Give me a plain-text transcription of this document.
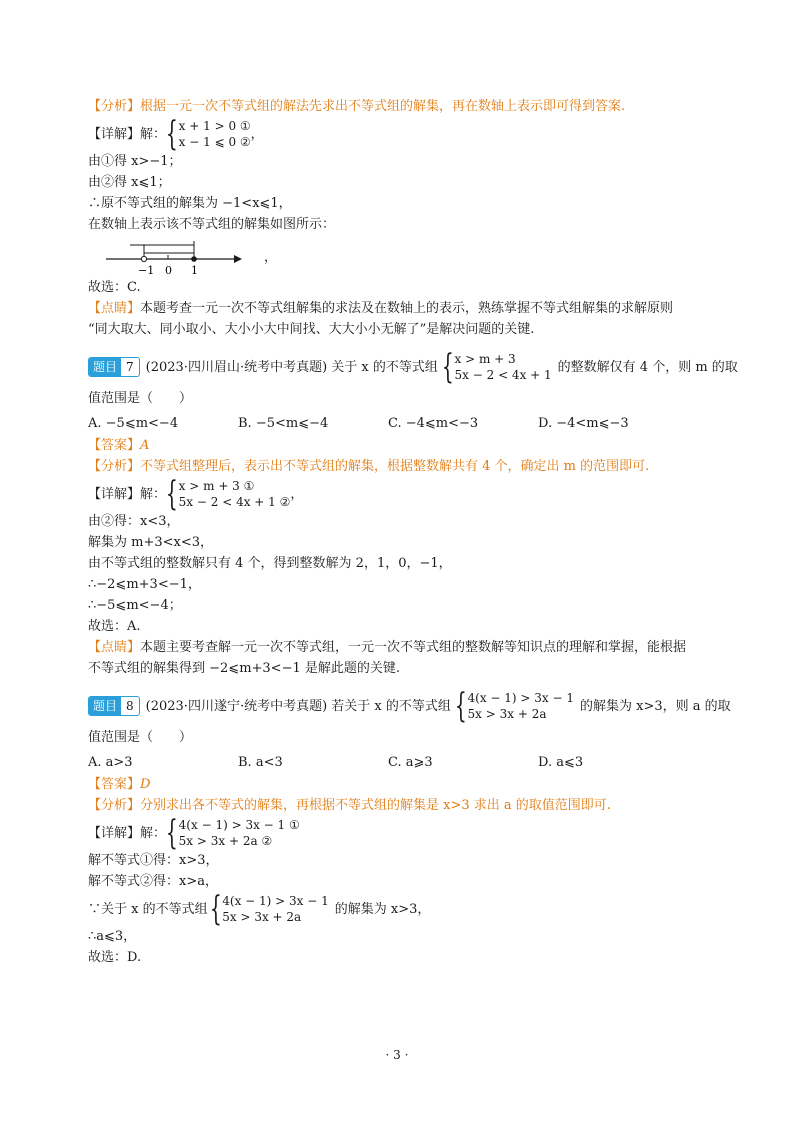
【分析】根据一元一次不等式组的解法先求出不等式组的解集，再在数轴上表示即可得到答案.
【详解】 解： { x + 1 > 0 ①
x − 1 ⩽ 0 ②
，
由①得 x>−1；
由②得 x⩽1；
∴原不等式组的解集为 −1<x⩽1，
在数轴上表示该不等式组的解集如图所示：
−1 0 1
，
故选：C.
【点睛】本题考查一元一次不等式组解集的求法及在数轴上的表示，熟练掌握不等式组解集的求解原则
“同大取大、同小取小、大小小大中间找、大大小小无解了”是解决问题的关键.
题目 7 (2023·四川眉山·统考中考真题) 关于 x 的不等式组 { x > m + 3
5x − 2 < 4x + 1
的整数解仅有 4 个，则 m 的取
值范围是（　　）
A. −5⩽m<−4	B. −5<m⩽−4	C. −4⩽m<−3	D. −4<m⩽−3
【答案】A
【分析】不等式组整理后，表示出不等式组的解集，根据整数解共有 4 个，确定出 m 的范围即可.
【详解】 解： { x > m + 3 ①
5x − 2 < 4x + 1 ②
，
由②得：x<3，
解集为 m+3<x<3，
由不等式组的整数解只有 4 个，得到整数解为 2，1，0，−1，
∴−2⩽m+3<−1，
∴−5⩽m<−4；
故选：A.
【点睛】本题主要考查解一元一次不等式组，一元一次不等式组的整数解等知识点的理解和掌握，能根据
不等式组的解集得到 −2⩽m+3<−1 是解此题的关键.
题目 8 (2023·四川遂宁·统考中考真题) 若关于 x 的不等式组 { 4(x − 1) > 3x − 1
5x > 3x + 2a
的解集为 x>3，则 a 的取
值范围是（　　）
A. a>3	B. a<3	C. a⩾3	D. a⩽3
【答案】D
【分析】分别求出各不等式的解集，再根据不等式组的解集是 x>3 求出 a 的取值范围即可.
【详解】 解： { 4(x − 1) > 3x − 1 ①
5x > 3x + 2a ②
解不等式①得：x>3，
解不等式②得：x>a，
∵关于 x 的不等式组 { 4(x − 1) > 3x − 1
5x > 3x + 2a
的解集为 x>3，
∴a⩽3，
故选：D.
· 3 ·
